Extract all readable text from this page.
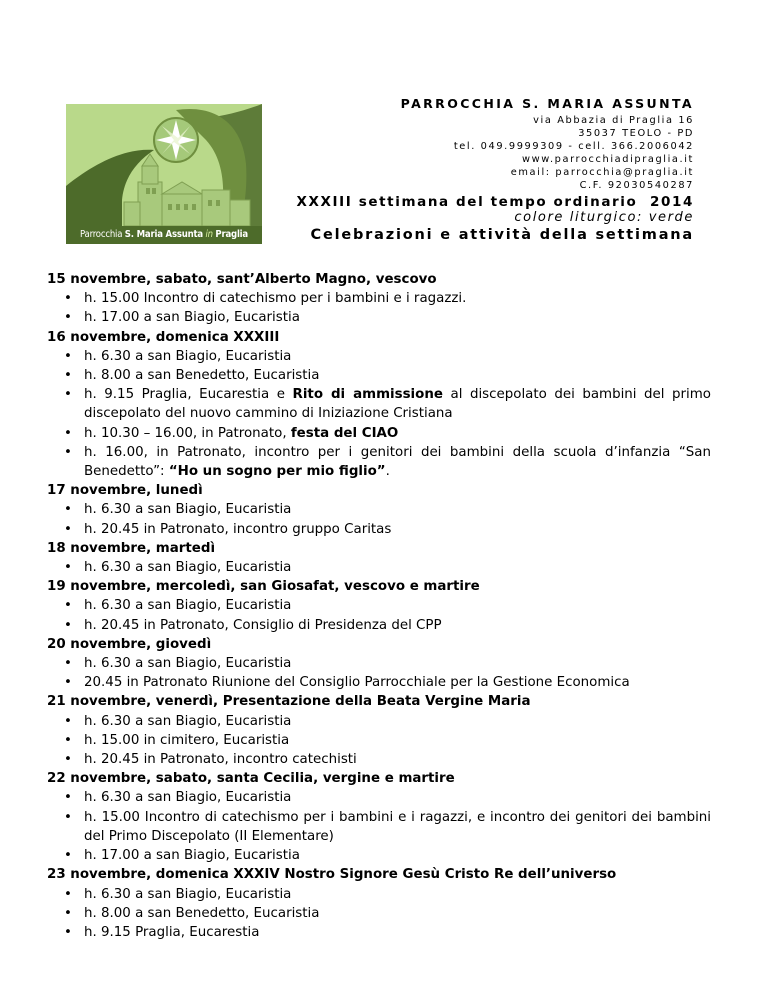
Parrocchia S. Maria Assunta in Praglia
PARROCCHIA S. MARIA ASSUNTA
via Abbazia di Praglia 16
35037 TEOLO - PD
tel. 049.9999309 - cell. 366.2006042
www.parrocchiadipraglia.it
email: parrocchia@praglia.it
C.F. 92030540287
XXXIII settimana del tempo ordinario  2014
colore liturgico: verde
Celebrazioni e attività della settimana
15 novembre, sabato, sant’Alberto Magno, vescovo
• h. 15.00 Incontro di catechismo per i bambini e i ragazzi.
• h. 17.00 a san Biagio, Eucaristia
16 novembre, domenica XXXIII
• h. 6.30 a san Biagio, Eucaristia
• h. 8.00 a san Benedetto, Eucaristia
• h. 9.15 Praglia, Eucarestia e Rito di ammissione al discepolato dei bambini del primo discepolato del nuovo cammino di Iniziazione Cristiana
• h. 10.30 – 16.00, in Patronato, festa del CIAO
• h. 16.00, in Patronato, incontro per i genitori dei bambini della scuola d’infanzia “San Benedetto”: “Ho un sogno per mio figlio”.
17 novembre, lunedì
• h. 6.30 a san Biagio, Eucaristia
• h. 20.45 in Patronato, incontro gruppo Caritas
18 novembre, martedì
• h. 6.30 a san Biagio, Eucaristia
19 novembre, mercoledì, san Giosafat, vescovo e martire
• h. 6.30 a san Biagio, Eucaristia
• h. 20.45 in Patronato, Consiglio di Presidenza del CPP
20 novembre, giovedì
• h. 6.30 a san Biagio, Eucaristia
• 20.45 in Patronato Riunione del Consiglio Parrocchiale per la Gestione Economica
21 novembre, venerdì, Presentazione della Beata Vergine Maria
• h. 6.30 a san Biagio, Eucaristia
• h. 15.00 in cimitero, Eucaristia
• h. 20.45 in Patronato, incontro catechisti
22 novembre, sabato, santa Cecilia, vergine e martire
• h. 6.30 a san Biagio, Eucaristia
• h. 15.00 Incontro di catechismo per i bambini e i ragazzi, e incontro dei genitori dei bambini del Primo Discepolato (II Elementare)
• h. 17.00 a san Biagio, Eucaristia
23 novembre, domenica XXXIV Nostro Signore Gesù Cristo Re dell’universo
• h. 6.30 a san Biagio, Eucaristia
• h. 8.00 a san Benedetto, Eucaristia
• h. 9.15 Praglia, Eucarestia
